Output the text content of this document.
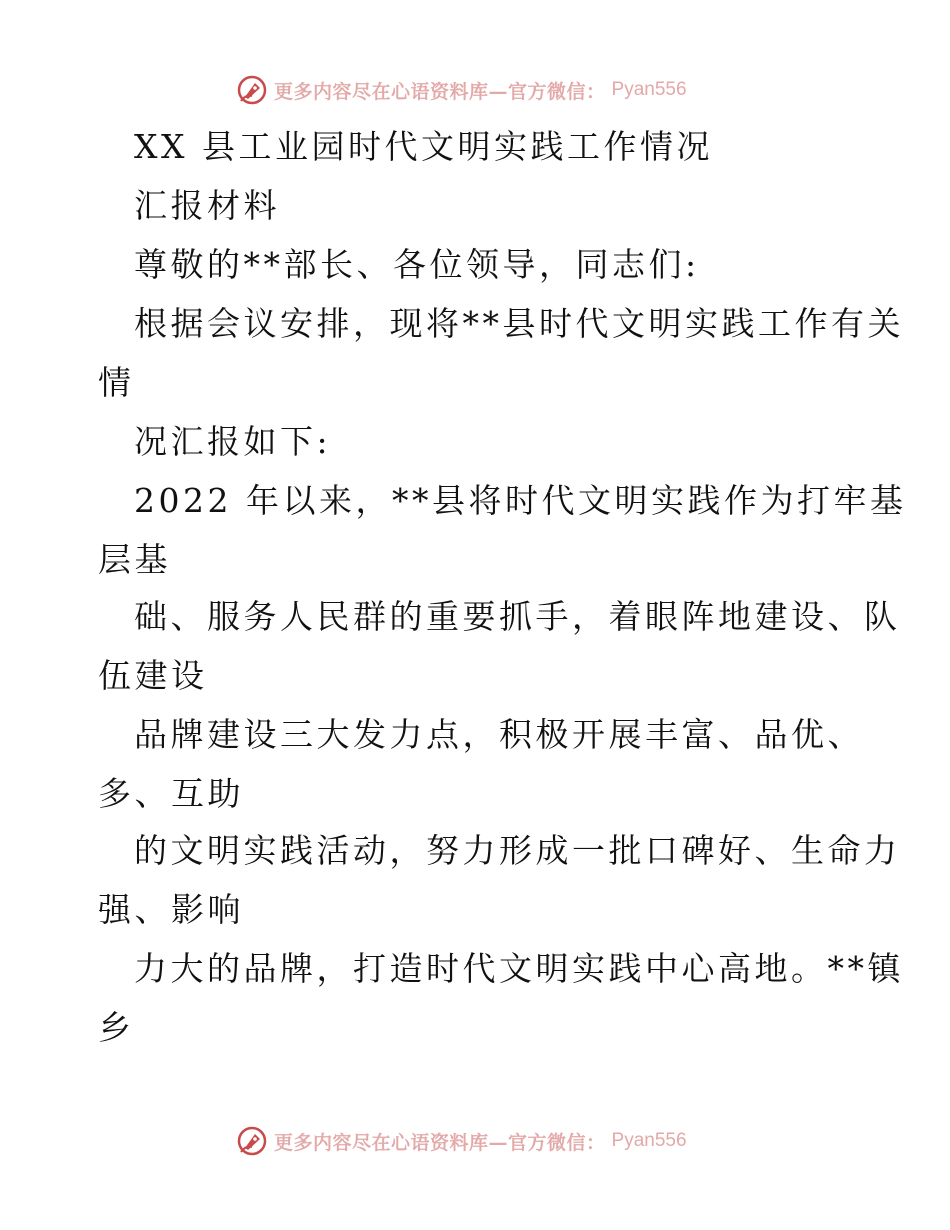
更多内容尽在心语资料库—官方微信： Pyan556
XX 县工业园时代文明实践工作情况
汇报材料
尊敬的**部长、各位领导，同志们:
根据会议安排，现将**县时代文明实践工作有关
情
况汇报如下:
2022 年以来，**县将时代文明实践作为打牢基
层基
础、服务人民群的重要抓手，着眼阵地建设、队
伍建设
品牌建设三大发力点，积极开展丰富、品优、
多、互助
的文明实践活动，努力形成一批口碑好、生命力
强、影响
力大的品牌，打造时代文明实践中心高地。**镇
乡
更多内容尽在心语资料库—官方微信： Pyan556
